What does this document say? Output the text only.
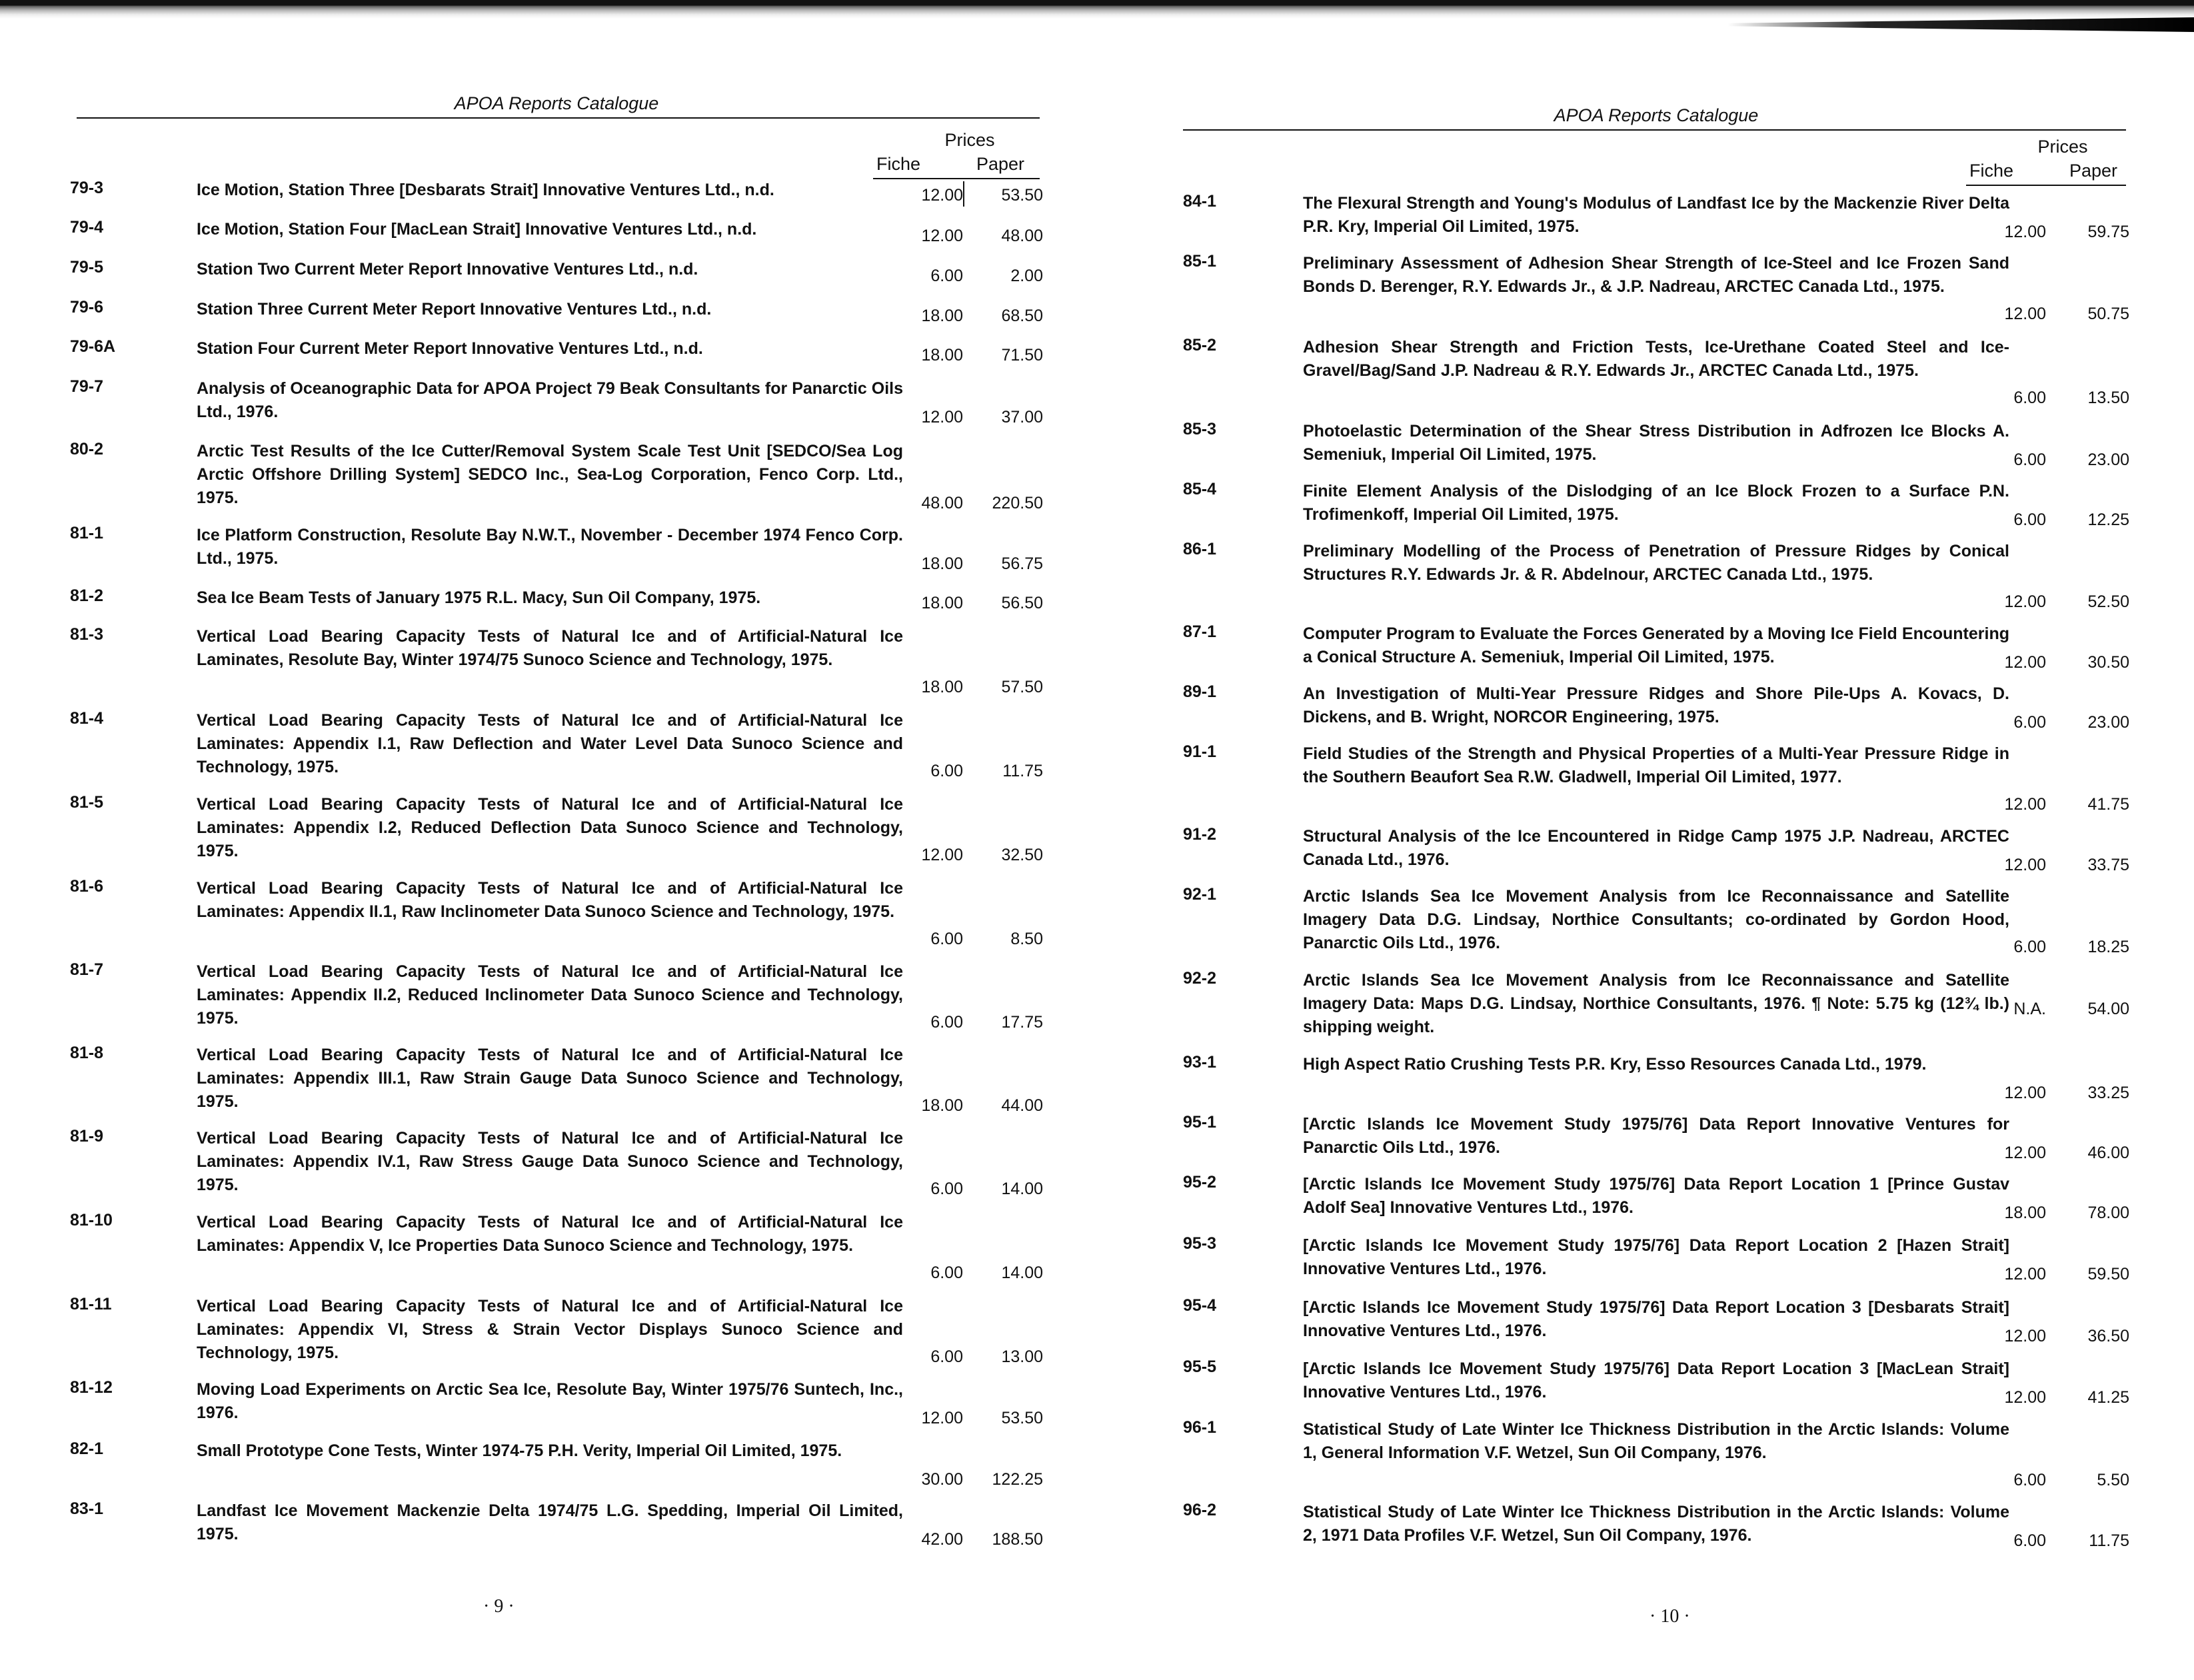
APOA Reports Catalogue
Prices
Fiche	Paper
79-3	Ice Motion, Station Three [Desbarats Strait] Innovative Ventures Ltd., n.d.	12.00	53.50
79-4	Ice Motion, Station Four [MacLean Strait] Innovative Ventures Ltd., n.d.	12.00	48.00
79-5	Station Two Current Meter Report Innovative Ventures Ltd., n.d.	6.00	2.00
79-6	Station Three Current Meter Report Innovative Ventures Ltd., n.d.	18.00	68.50
79-6A	Station Four Current Meter Report Innovative Ventures Ltd., n.d.	18.00	71.50
79-7	Analysis of Oceanographic Data for APOA Project 79 Beak Consultants for Panarctic Oils Ltd., 1976.	12.00	37.00
80-2	Arctic Test Results of the Ice Cutter/Removal System Scale Test Unit [SEDCO/Sea Log Arctic Offshore Drilling System] SEDCO Inc., Sea-Log Corporation, Fenco Corp. Ltd., 1975.	48.00	220.50
81-1	Ice Platform Construction, Resolute Bay N.W.T., November - December 1974 Fenco Corp. Ltd., 1975.	18.00	56.75
81-2	Sea Ice Beam Tests of January 1975 R.L. Macy, Sun Oil Company, 1975.	18.00	56.50
81-3	Vertical Load Bearing Capacity Tests of Natural Ice and of Artificial-Natural Ice Laminates, Resolute Bay, Winter 1974/75 Sunoco Science and Technology, 1975.
18.00	57.50
81-4	Vertical Load Bearing Capacity Tests of Natural Ice and of Artificial-Natural Ice Laminates: Appendix I.1, Raw Deflection and Water Level Data Sunoco Science and Technology, 1975.	6.00	11.75
81-5	Vertical Load Bearing Capacity Tests of Natural Ice and of Artificial-Natural Ice Laminates: Appendix I.2, Reduced Deflection Data Sunoco Science and Technology, 1975.	12.00	32.50
81-6	Vertical Load Bearing Capacity Tests of Natural Ice and of Artificial-Natural Ice Laminates: Appendix II.1, Raw Inclinometer Data Sunoco Science and Technology, 1975.
6.00	8.50
81-7	Vertical Load Bearing Capacity Tests of Natural Ice and of Artificial-Natural Ice Laminates: Appendix II.2, Reduced Inclinometer Data Sunoco Science and Technology, 1975.	6.00	17.75
81-8	Vertical Load Bearing Capacity Tests of Natural Ice and of Artificial-Natural Ice Laminates: Appendix III.1, Raw Strain Gauge Data Sunoco Science and Technology, 1975.	18.00	44.00
81-9	Vertical Load Bearing Capacity Tests of Natural Ice and of Artificial-Natural Ice Laminates: Appendix IV.1, Raw Stress Gauge Data Sunoco Science and Technology, 1975.	6.00	14.00
81-10	Vertical Load Bearing Capacity Tests of Natural Ice and of Artificial-Natural Ice Laminates: Appendix V, Ice Properties Data Sunoco Science and Technology, 1975.
6.00	14.00
81-11	Vertical Load Bearing Capacity Tests of Natural Ice and of Artificial-Natural Ice Laminates: Appendix VI, Stress & Strain Vector Displays Sunoco Science and Technology, 1975.	6.00	13.00
81-12	Moving Load Experiments on Arctic Sea Ice, Resolute Bay, Winter 1975/76 Suntech, Inc., 1976.	12.00	53.50
82-1	Small Prototype Cone Tests, Winter 1974-75 P.H. Verity, Imperial Oil Limited, 1975.
30.00	122.25
83-1	Landfast Ice Movement Mackenzie Delta 1974/75 L.G. Spedding, Imperial Oil Limited, 1975.	42.00	188.50
· 9 ·
APOA Reports Catalogue
Prices
Fiche	Paper
84-1	The Flexural Strength and Young's Modulus of Landfast Ice by the Mackenzie River Delta P.R. Kry, Imperial Oil Limited, 1975.	12.00	59.75
85-1	Preliminary Assessment of Adhesion Shear Strength of Ice-Steel and Ice Frozen Sand Bonds D. Berenger, R.Y. Edwards Jr., & J.P. Nadreau, ARCTEC Canada Ltd., 1975.
12.00	50.75
85-2	Adhesion Shear Strength and Friction Tests, Ice-Urethane Coated Steel and Ice-Gravel/Bag/Sand J.P. Nadreau & R.Y. Edwards Jr., ARCTEC Canada Ltd., 1975.
6.00	13.50
85-3	Photoelastic Determination of the Shear Stress Distribution in Adfrozen Ice Blocks A. Semeniuk, Imperial Oil Limited, 1975.	6.00	23.00
85-4	Finite Element Analysis of the Dislodging of an Ice Block Frozen to a Surface P.N. Trofimenkoff, Imperial Oil Limited, 1975.	6.00	12.25
86-1	Preliminary Modelling of the Process of Penetration of Pressure Ridges by Conical Structures R.Y. Edwards Jr. & R. Abdelnour, ARCTEC Canada Ltd., 1975.
12.00	52.50
87-1	Computer Program to Evaluate the Forces Generated by a Moving Ice Field Encountering a Conical Structure A. Semeniuk, Imperial Oil Limited, 1975.	12.00	30.50
89-1	An Investigation of Multi-Year Pressure Ridges and Shore Pile-Ups A. Kovacs, D. Dickens, and B. Wright, NORCOR Engineering, 1975.	6.00	23.00
91-1	Field Studies of the Strength and Physical Properties of a Multi-Year Pressure Ridge in the Southern Beaufort Sea R.W. Gladwell, Imperial Oil Limited, 1977.
12.00	41.75
91-2	Structural Analysis of the Ice Encountered in Ridge Camp 1975 J.P. Nadreau, ARCTEC Canada Ltd., 1976.	12.00	33.75
92-1	Arctic Islands Sea Ice Movement Analysis from Ice Reconnaissance and Satellite Imagery Data D.G. Lindsay, Northice Consultants; co-ordinated by Gordon Hood, Panarctic Oils Ltd., 1976.	6.00	18.25
92-2	Arctic Islands Sea Ice Movement Analysis from Ice Reconnaissance and Satellite Imagery Data: Maps D.G. Lindsay, Northice Consultants, 1976. ¶ Note: 5.75 kg (12¾ lb.) shipping weight.
N.A.	54.00
93-1	High Aspect Ratio Crushing Tests P.R. Kry, Esso Resources Canada Ltd., 1979.
12.00	33.25
95-1	[Arctic Islands Ice Movement Study 1975/76] Data Report Innovative Ventures for Panarctic Oils Ltd., 1976.	12.00	46.00
95-2	[Arctic Islands Ice Movement Study 1975/76] Data Report Location 1 [Prince Gustav Adolf Sea] Innovative Ventures Ltd., 1976.	18.00	78.00
95-3	[Arctic Islands Ice Movement Study 1975/76] Data Report Location 2 [Hazen Strait] Innovative Ventures Ltd., 1976.	12.00	59.50
95-4	[Arctic Islands Ice Movement Study 1975/76] Data Report Location 3 [Desbarats Strait] Innovative Ventures Ltd., 1976.	12.00	36.50
95-5	[Arctic Islands Ice Movement Study 1975/76] Data Report Location 3 [MacLean Strait] Innovative Ventures Ltd., 1976.	12.00	41.25
96-1	Statistical Study of Late Winter Ice Thickness Distribution in the Arctic Islands: Volume 1, General Information V.F. Wetzel, Sun Oil Company, 1976.
6.00	5.50
96-2	Statistical Study of Late Winter Ice Thickness Distribution in the Arctic Islands: Volume 2, 1971 Data Profiles V.F. Wetzel, Sun Oil Company, 1976.	6.00	11.75
· 10 ·
